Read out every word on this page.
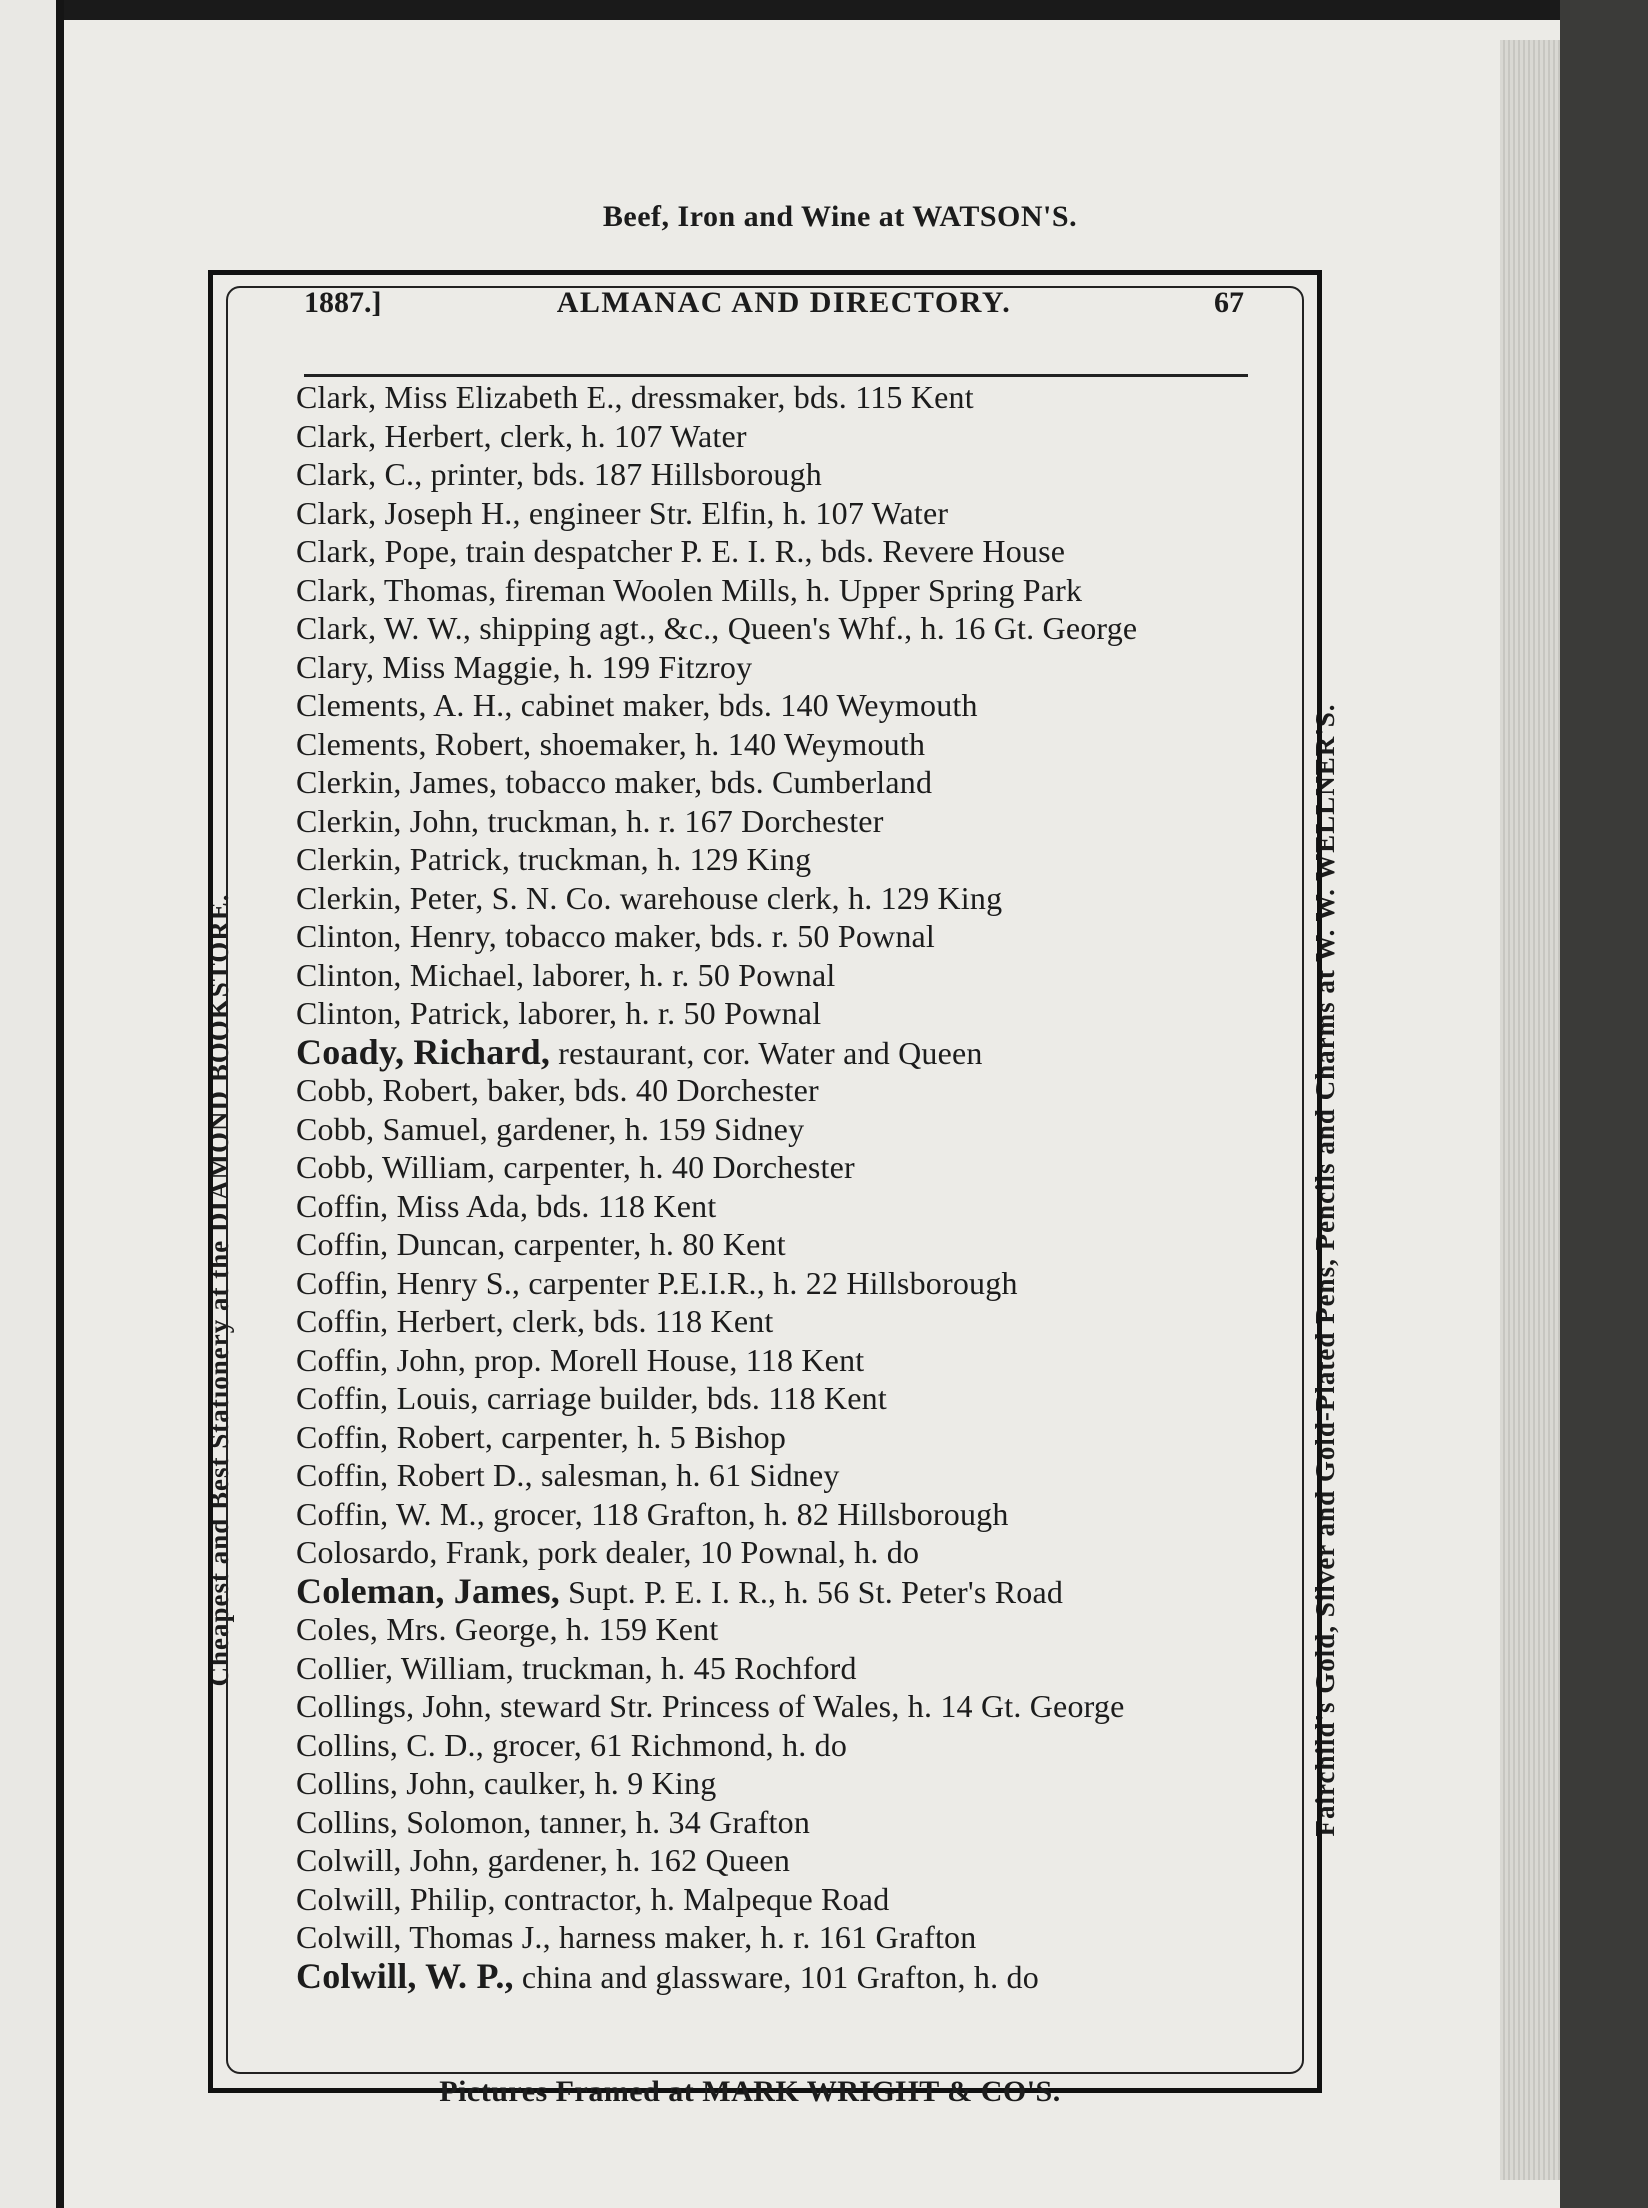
Beef, Iron and Wine at WATSON'S.
Cheapest and Best Stationery at the DIAMOND BOOKSTORE.	Fairchild's Gold, Silver and Gold-Plated Pens, Pencils and Charms at W. W. WELLNER'S.
1887.]	ALMANAC AND DIRECTORY.	67
Clark, Miss Elizabeth E., dressmaker, bds. 115 Kent
Clark, Herbert, clerk, h. 107 Water
Clark, C., printer, bds. 187 Hillsborough
Clark, Joseph H., engineer Str. Elfin, h. 107 Water
Clark, Pope, train despatcher P. E. I. R., bds. Revere House
Clark, Thomas, fireman Woolen Mills, h. Upper Spring Park
Clark, W. W., shipping agt., &c., Queen's Whf., h. 16 Gt. George
Clary, Miss Maggie, h. 199 Fitzroy
Clements, A. H., cabinet maker, bds. 140 Weymouth
Clements, Robert, shoemaker, h. 140 Weymouth
Clerkin, James, tobacco maker, bds. Cumberland
Clerkin, John, truckman, h. r. 167 Dorchester
Clerkin, Patrick, truckman, h. 129 King
Clerkin, Peter, S. N. Co. warehouse clerk, h. 129 King
Clinton, Henry, tobacco maker, bds. r. 50 Pownal
Clinton, Michael, laborer, h. r. 50 Pownal
Clinton, Patrick, laborer, h. r. 50 Pownal
Coady, Richard, restaurant, cor. Water and Queen
Cobb, Robert, baker, bds. 40 Dorchester
Cobb, Samuel, gardener, h. 159 Sidney
Cobb, William, carpenter, h. 40 Dorchester
Coffin, Miss Ada, bds. 118 Kent
Coffin, Duncan, carpenter, h. 80 Kent
Coffin, Henry S., carpenter P.E.I.R., h. 22 Hillsborough
Coffin, Herbert, clerk, bds. 118 Kent
Coffin, John, prop. Morell House, 118 Kent
Coffin, Louis, carriage builder, bds. 118 Kent
Coffin, Robert, carpenter, h. 5 Bishop
Coffin, Robert D., salesman, h. 61 Sidney
Coffin, W. M., grocer, 118 Grafton, h. 82 Hillsborough
Colosardo, Frank, pork dealer, 10 Pownal, h. do
Coleman, James, Supt. P. E. I. R., h. 56 St. Peter's Road
Coles, Mrs. George, h. 159 Kent
Collier, William, truckman, h. 45 Rochford
Collings, John, steward Str. Princess of Wales, h. 14 Gt. George
Collins, C. D., grocer, 61 Richmond, h. do
Collins, John, caulker, h. 9 King
Collins, Solomon, tanner, h. 34 Grafton
Colwill, John, gardener, h. 162 Queen
Colwill, Philip, contractor, h. Malpeque Road
Colwill, Thomas J., harness maker, h. r. 161 Grafton
Colwill, W. P., china and glassware, 101 Grafton, h. do
Pictures Framed at MARK WRIGHT & CO'S.
